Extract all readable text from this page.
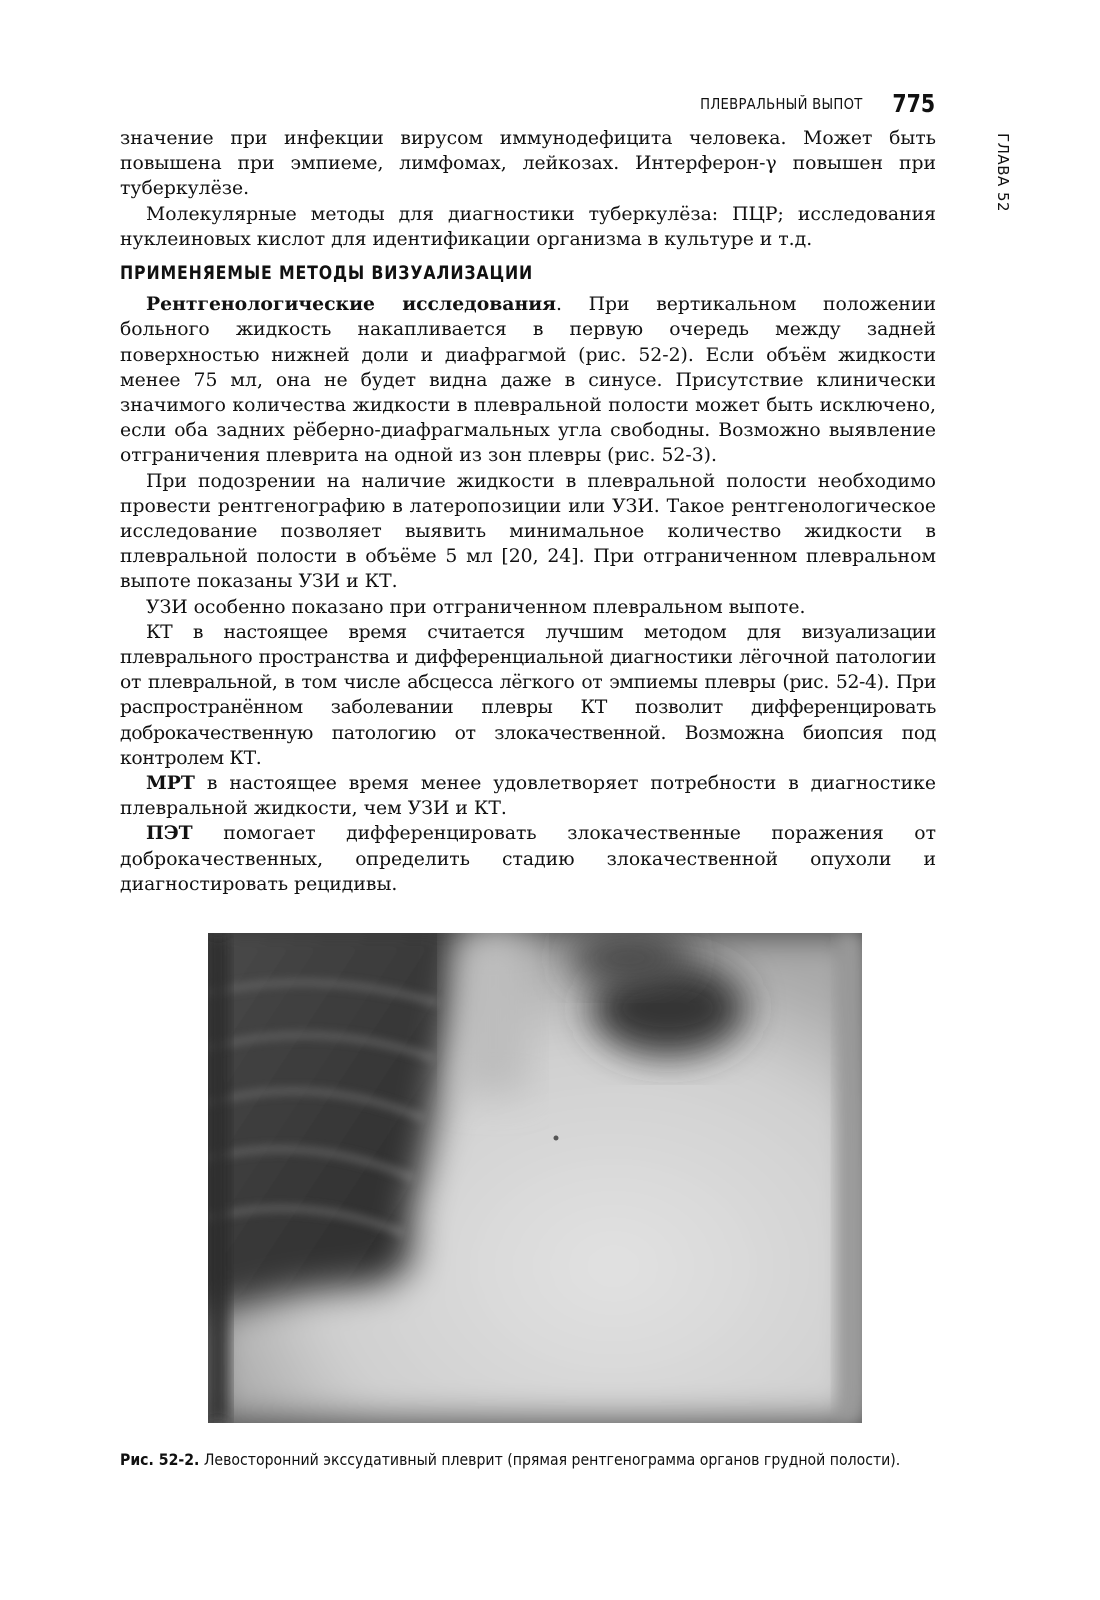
ПЛЕВРАЛЬНЫЙ ВЫПОТ 775
ГЛАВА 52

значение при инфекции вирусом иммунодефицита человека. Может быть повышена при эмпиеме, лимфомах, лейкозах. Интерферон-γ повышен при туберкулёзе.

Молекулярные методы для диагностики туберкулёза: ПЦР; исследования нуклеиновых кислот для идентификации организма в культуре и т.д.

ПРИМЕНЯЕМЫЕ МЕТОДЫ ВИЗУАЛИЗАЦИИ

Рентгенологические исследования. При вертикальном положении больного жидкость накапливается в первую очередь между задней поверхностью нижней доли и диафрагмой (рис. 52-2). Если объём жидкости менее 75 мл, она не будет видна даже в синусе. Присутствие клинически значимого количества жидкости в плевральной полости может быть исключено, если оба задних рёберно-диафрагмальных угла свободны. Возможно выявление отграничения плеврита на одной из зон плевры (рис. 52-3).

При подозрении на наличие жидкости в плевральной полости необходимо провести рентгенографию в латеропозиции или УЗИ. Такое рентгенологическое исследование позволяет выявить минимальное количество жидкости в плевральной полости в объёме 5 мл [20, 24]. При отграниченном плевральном выпоте показаны УЗИ и КТ.

УЗИ особенно показано при отграниченном плевральном выпоте.

КТ в настоящее время считается лучшим методом для визуализации плеврального пространства и дифференциальной диагностики лёгочной патологии от плевральной, в том числе абсцесса лёгкого от эмпиемы плевры (рис. 52-4). При распространённом заболевании плевры КТ позволит дифференцировать доброкачественную патологию от злокачественной. Возможна биопсия под контролем КТ.

МРТ в настоящее время менее удовлетворяет потребности в диагностике плевральной жидкости, чем УЗИ и КТ.

ПЭТ помогает дифференцировать злокачественные поражения от доброкачественных, определить стадию злокачественной опухоли и диагностировать рецидивы.

Рис. 52-2. Левосторонний экссудативный плеврит (прямая рентгенограмма органов грудной полости).
